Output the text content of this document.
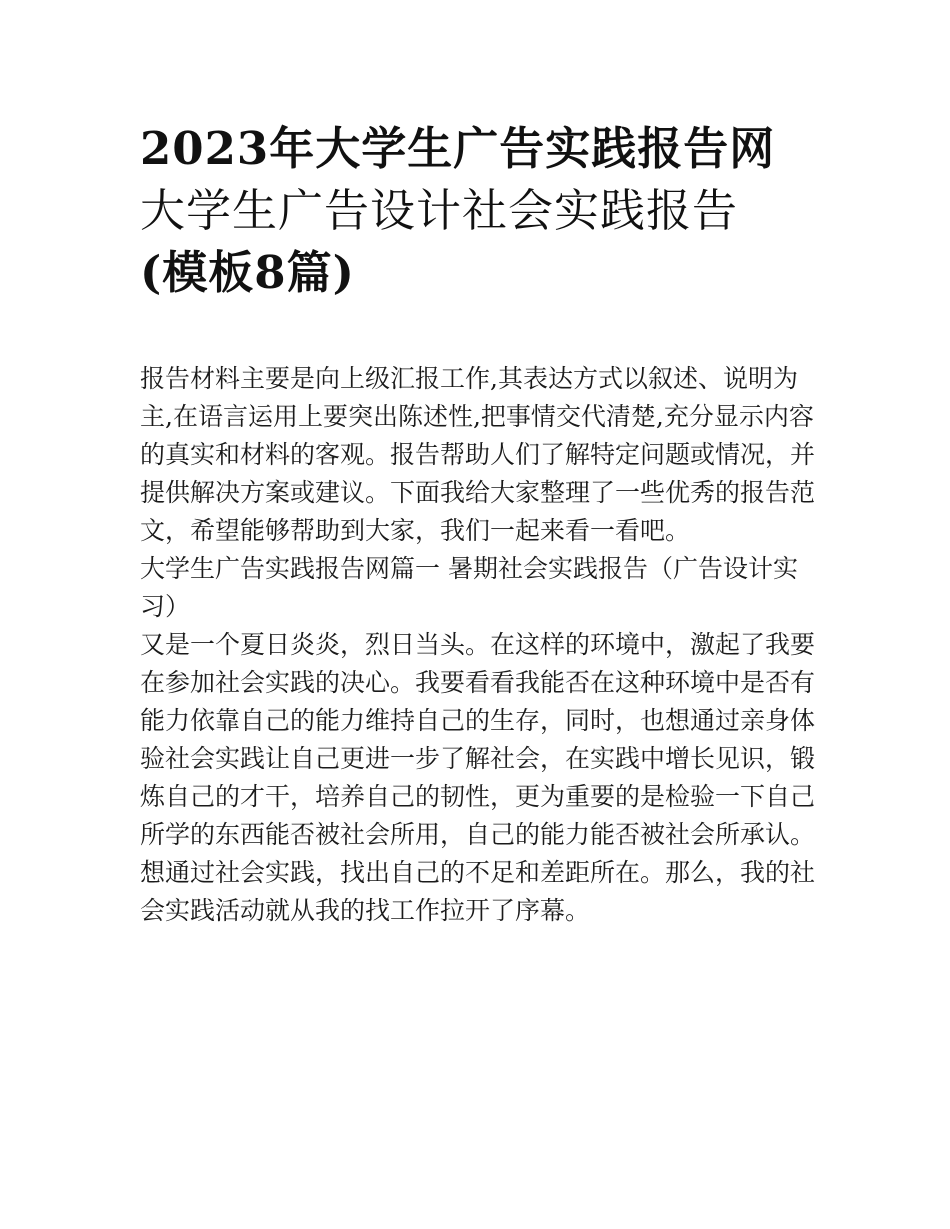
2023年大学生广告实践报告网
大学生广告设计社会实践报告
(模板8篇)

报告材料主要是向上级汇报工作,其表达方式以叙述、说明为

主,在语言运用上要突出陈述性,把事情交代清楚,充分显示内容

的真实和材料的客观。报告帮助人们了解特定问题或情况，并

提供解决方案或建议。下面我给大家整理了一些优秀的报告范

文，希望能够帮助到大家，我们一起来看一看吧。

大学生广告实践报告网篇一 暑期社会实践报告（广告设计实

习）

又是一个夏日炎炎，烈日当头。在这样的环境中，激起了我要

在参加社会实践的决心。我要看看我能否在这种环境中是否有

能力依靠自己的能力维持自己的生存，同时，也想通过亲身体

验社会实践让自己更进一步了解社会，在实践中增长见识，锻

炼自己的才干，培养自己的韧性，更为重要的是检验一下自己

所学的东西能否被社会所用，自己的能力能否被社会所承认。

想通过社会实践，找出自己的不足和差距所在。那么，我的社

会实践活动就从我的找工作拉开了序幕。
